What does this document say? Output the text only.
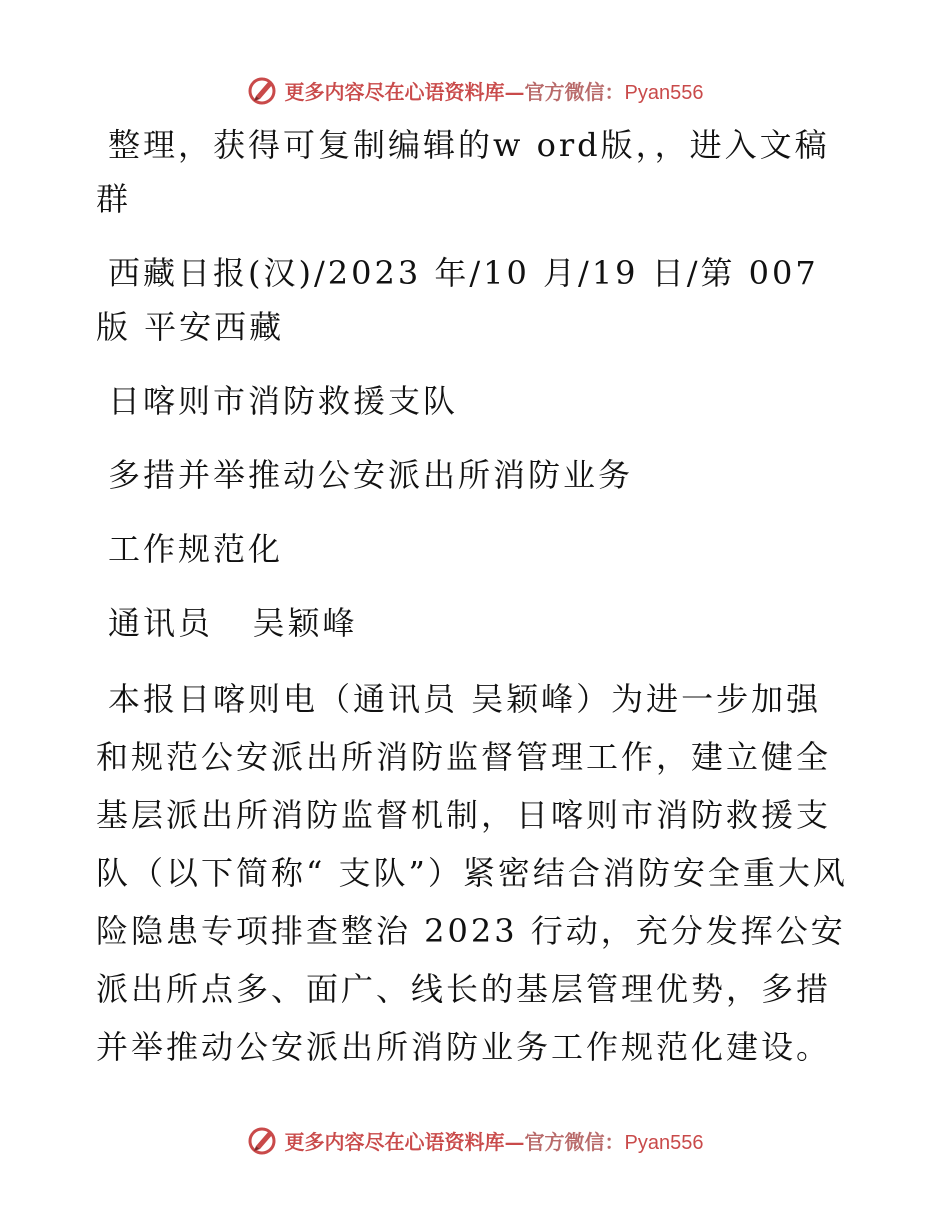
更多内容尽在心语资料库—官方微信：Pyan556

整理，获得可复制编辑的w ord版，，进入文稿群

西藏日报(汉)/2023 年/10 月/19 日/第 007 版 平安西藏

日喀则市消防救援支队

多措并举推动公安派出所消防业务

工作规范化

通讯员   吴颖峰

本报日喀则电（通讯员 吴颖峰）为进一步加强和规范公安派出所消防监督管理工作，建立健全基层派出所消防监督机制，日喀则市消防救援支队（以下简称“ 支队”）紧密结合消防安全重大风险隐患专项排查整治 2023 行动，充分发挥公安派出所点多、面广、线长的基层管理优势，多措并举推动公安派出所消防业务工作规范化建设。

更多内容尽在心语资料库—官方微信：Pyan556
